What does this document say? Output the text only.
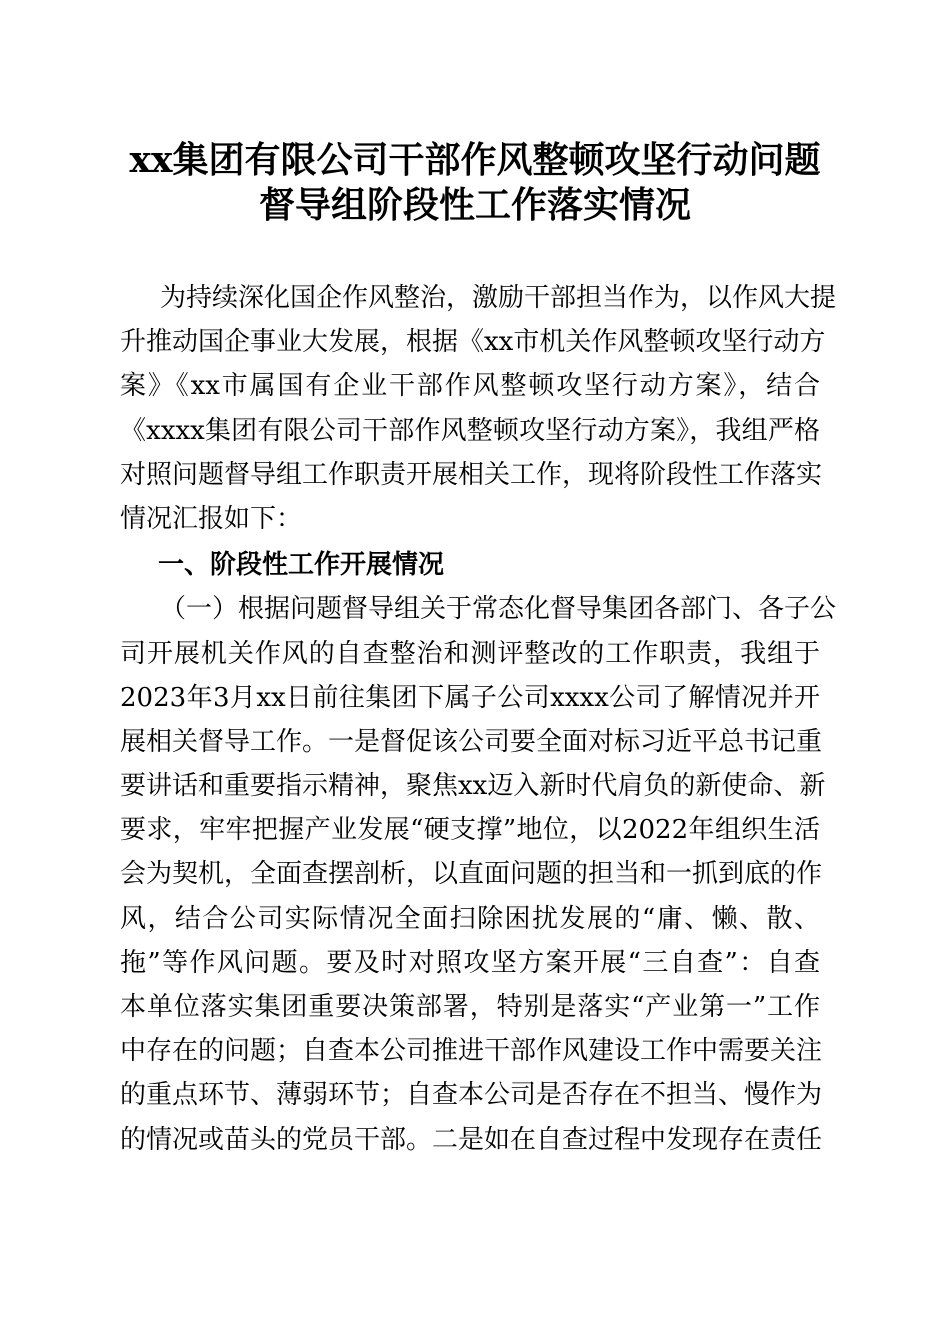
xx集团有限公司干部作风整顿攻坚行动问题
督导组阶段性工作落实情况
为持续深化国企作风整治，激励干部担当作为，以作风大提
升推动国企事业大发展，根据《xx市机关作风整顿攻坚行动方
案》《xx市属国有企业干部作风整顿攻坚行动方案》，结合
《xxxx集团有限公司干部作风整顿攻坚行动方案》，我组严格
对照问题督导组工作职责开展相关工作，现将阶段性工作落实
情况汇报如下：
一、阶段性工作开展情况
（一）根据问题督导组关于常态化督导集团各部门、各子公
司开展机关作风的自查整治和测评整改的工作职责，我组于
2023年3月xx日前往集团下属子公司xxxx公司了解情况并开
展相关督导工作。一是督促该公司要全面对标习近平总书记重
要讲话和重要指示精神，聚焦xx迈入新时代肩负的新使命、新
要求，牢牢把握产业发展“硬支撑”地位，以2022年组织生活
会为契机，全面查摆剖析，以直面问题的担当和一抓到底的作
风，结合公司实际情况全面扫除困扰发展的“庸、懒、散、
拖”等作风问题。要及时对照攻坚方案开展“三自查”：自查
本单位落实集团重要决策部署，特别是落实“产业第一”工作
中存在的问题；自查本公司推进干部作风建设工作中需要关注
的重点环节、薄弱环节；自查本公司是否存在不担当、慢作为
的情况或苗头的党员干部。二是如在自查过程中发现存在责任
